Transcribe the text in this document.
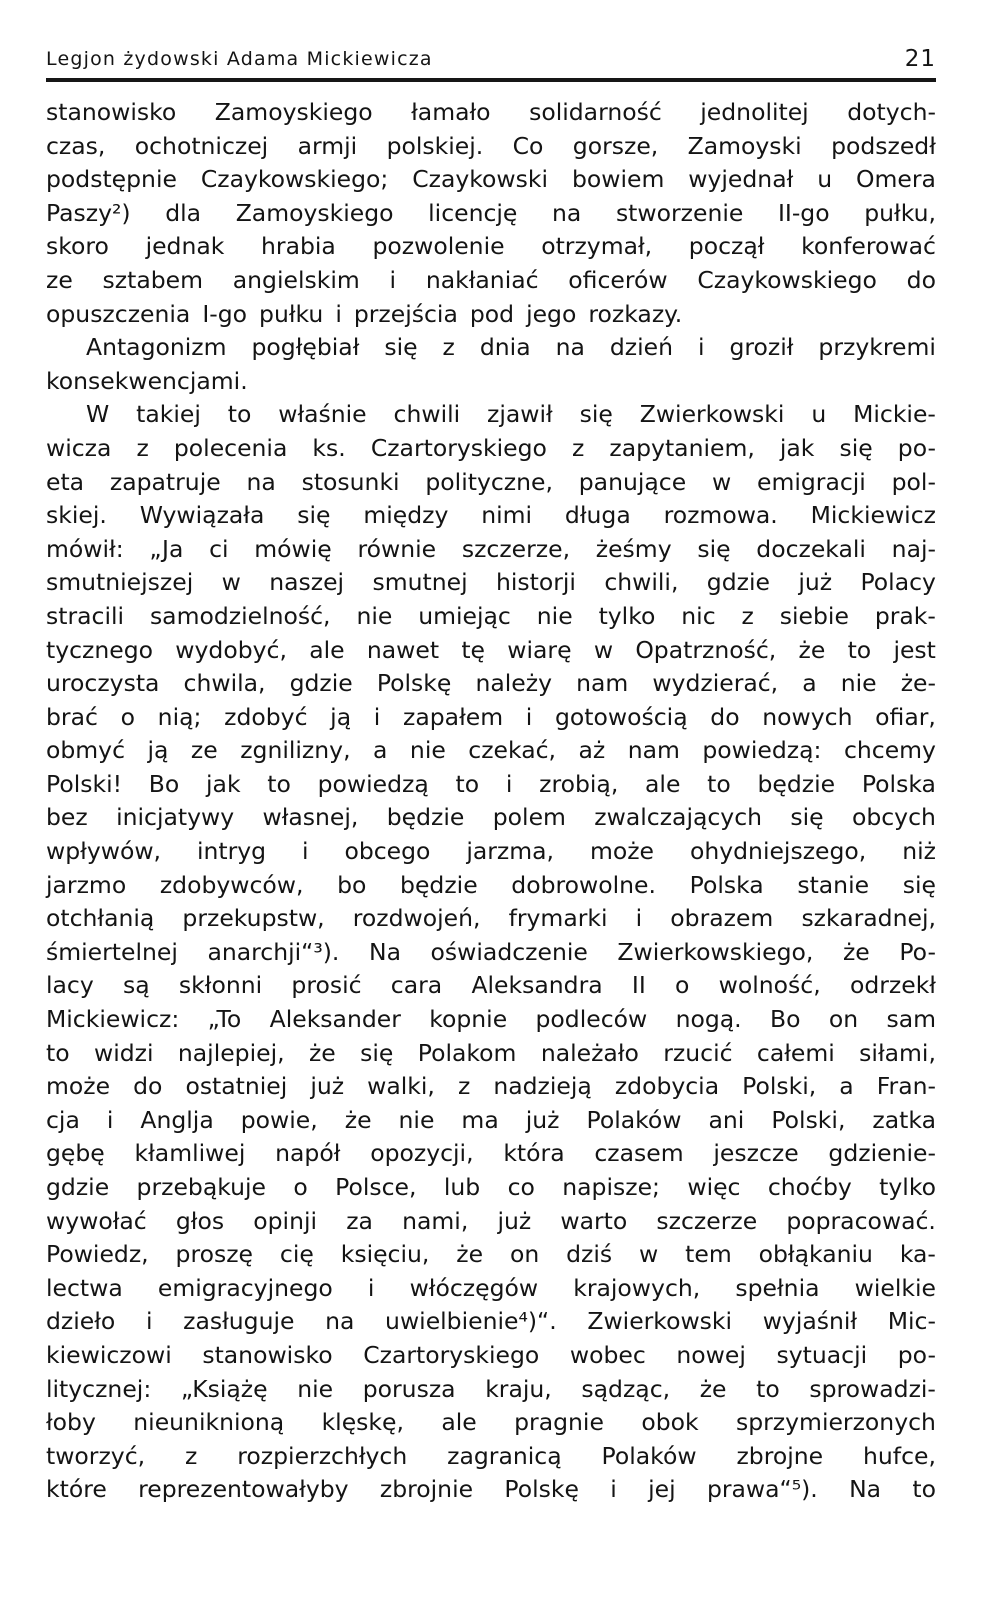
Legjon żydowski Adama Mickiewicza	21
stanowisko Zamoyskiego łamało solidarność jednolitej dotych-
czas, ochotniczej armji polskiej. Co gorsze, Zamoyski podszedł
podstępnie Czaykowskiego; Czaykowski bowiem wyjednał u Omera
Paszy²) dla Zamoyskiego licencję na stworzenie II-go pułku,
skoro jednak hrabia pozwolenie otrzymał, począł konferować
ze sztabem angielskim i nakłaniać oficerów Czaykowskiego do
opuszczenia I-go pułku i przejścia pod jego rozkazy.
Antagonizm pogłębiał się z dnia na dzień i groził przykremi
konsekwencjami.
W takiej to właśnie chwili zjawił się Zwierkowski u Mickie-
wicza z polecenia ks. Czartoryskiego z zapytaniem, jak się po-
eta zapatruje na stosunki polityczne, panujące w emigracji pol-
skiej. Wywiązała się między nimi długa rozmowa. Mickiewicz
mówił: „Ja ci mówię równie szczerze, żeśmy się doczekali naj-
smutniejszej w naszej smutnej historji chwili, gdzie już Polacy
stracili samodzielność, nie umiejąc nie tylko nic z siebie prak-
tycznego wydobyć, ale nawet tę wiarę w Opatrzność, że to jest
uroczysta chwila, gdzie Polskę należy nam wydzierać, a nie że-
brać o nią; zdobyć ją i zapałem i gotowością do nowych ofiar,
obmyć ją ze zgnilizny, a nie czekać, aż nam powiedzą: chcemy
Polski! Bo jak to powiedzą to i zrobią, ale to będzie Polska
bez inicjatywy własnej, będzie polem zwalczających się obcych
wpływów, intryg i obcego jarzma, może ohydniejszego, niż
jarzmo zdobywców, bo będzie dobrowolne. Polska stanie się
otchłanią przekupstw, rozdwojeń, frymarki i obrazem szkaradnej,
śmiertelnej anarchji“³). Na oświadczenie Zwierkowskiego, że Po-
lacy są skłonni prosić cara Aleksandra II o wolność, odrzekł
Mickiewicz: „To Aleksander kopnie podleców nogą. Bo on sam
to widzi najlepiej, że się Polakom należało rzucić całemi siłami,
może do ostatniej już walki, z nadzieją zdobycia Polski, a Fran-
cja i Anglja powie, że nie ma już Polaków ani Polski, zatka
gębę kłamliwej napół opozycji, która czasem jeszcze gdzienie-
gdzie przebąkuje o Polsce, lub co napisze; więc choćby tylko
wywołać głos opinji za nami, już warto szczerze popracować.
Powiedz, proszę cię księciu, że on dziś w tem obłąkaniu ka-
lectwa emigracyjnego i włóczęgów krajowych, spełnia wielkie
dzieło i zasługuje na uwielbienie⁴)“. Zwierkowski wyjaśnił Mic-
kiewiczowi stanowisko Czartoryskiego wobec nowej sytuacji po-
litycznej: „Książę nie porusza kraju, sądząc, że to sprowadzi-
łoby nieuniknioną klęskę, ale pragnie obok sprzymierzonych
tworzyć, z rozpierzchłych zagranicą Polaków zbrojne hufce,
które reprezentowałyby zbrojnie Polskę i jej prawa“⁵). Na to
